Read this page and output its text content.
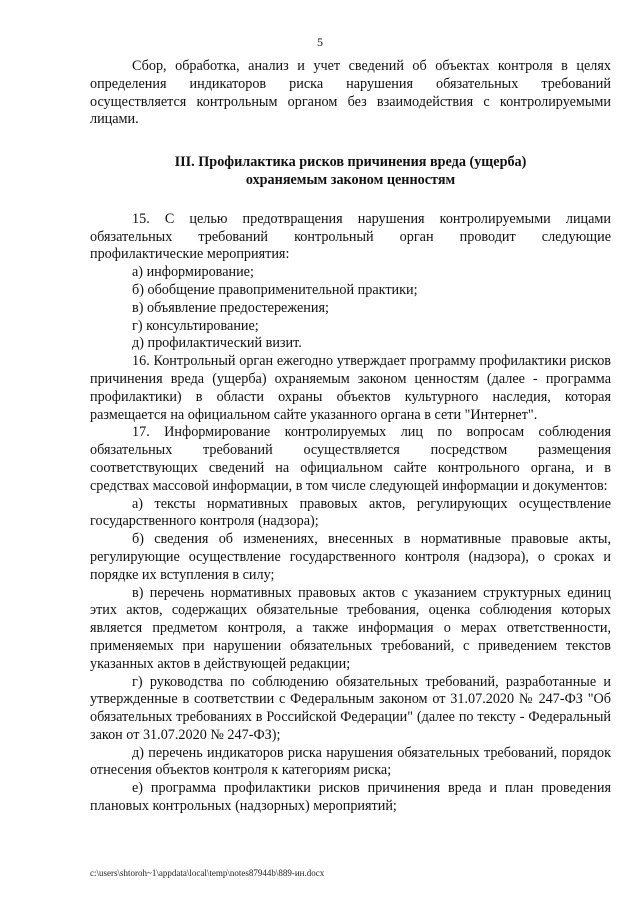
5

Сбор, обработка, анализ и учет сведений об объектах контроля в целях определения индикаторов риска нарушения обязательных требований осуществляется контрольным органом без взаимодействия с контролируемыми лицами.

III. Профилактика рисков причинения вреда (ущерба)

охраняемым законом ценностям

15. С целью предотвращения нарушения контролируемыми лицами обязательных требований контрольный орган проводит следующие профилактические мероприятия:

а) информирование;

б) обобщение правоприменительной практики;

в) объявление предостережения;

г) консультирование;

д) профилактический визит.

16. Контрольный орган ежегодно утверждает программу профилактики рисков причинения вреда (ущерба) охраняемым законом ценностям (далее - программа профилактики) в области охраны объектов культурного наследия, которая размещается на официальном сайте указанного органа в сети "Интернет".

17. Информирование контролируемых лиц по вопросам соблюдения обязательных требований осуществляется посредством размещения соответствующих сведений на официальном сайте контрольного органа, и в средствах массовой информации, в том числе следующей информации и документов:

а) тексты нормативных правовых актов, регулирующих осуществление государственного контроля (надзора);

б) сведения об изменениях, внесенных в нормативные правовые акты, регулирующие осуществление государственного контроля (надзора), о сроках и порядке их вступления в силу;

в) перечень нормативных правовых актов с указанием структурных единиц этих актов, содержащих обязательные требования, оценка соблюдения которых является предметом контроля, а также информация о мерах ответственности, применяемых при нарушении обязательных требований, с приведением текстов указанных актов в действующей редакции;

г) руководства по соблюдению обязательных требований, разработанные и утвержденные в соответствии с Федеральным законом от 31.07.2020 № 247-ФЗ "Об обязательных требованиях в Российской Федерации" (далее по тексту - Федеральный закон от 31.07.2020 № 247-ФЗ);

д) перечень индикаторов риска нарушения обязательных требований, порядок отнесения объектов контроля к категориям риска;

е) программа профилактики рисков причинения вреда и план проведения плановых контрольных (надзорных) мероприятий;

c:\users\shtoroh~1\appdata\local\temp\notes87944b\889-ин.docx
